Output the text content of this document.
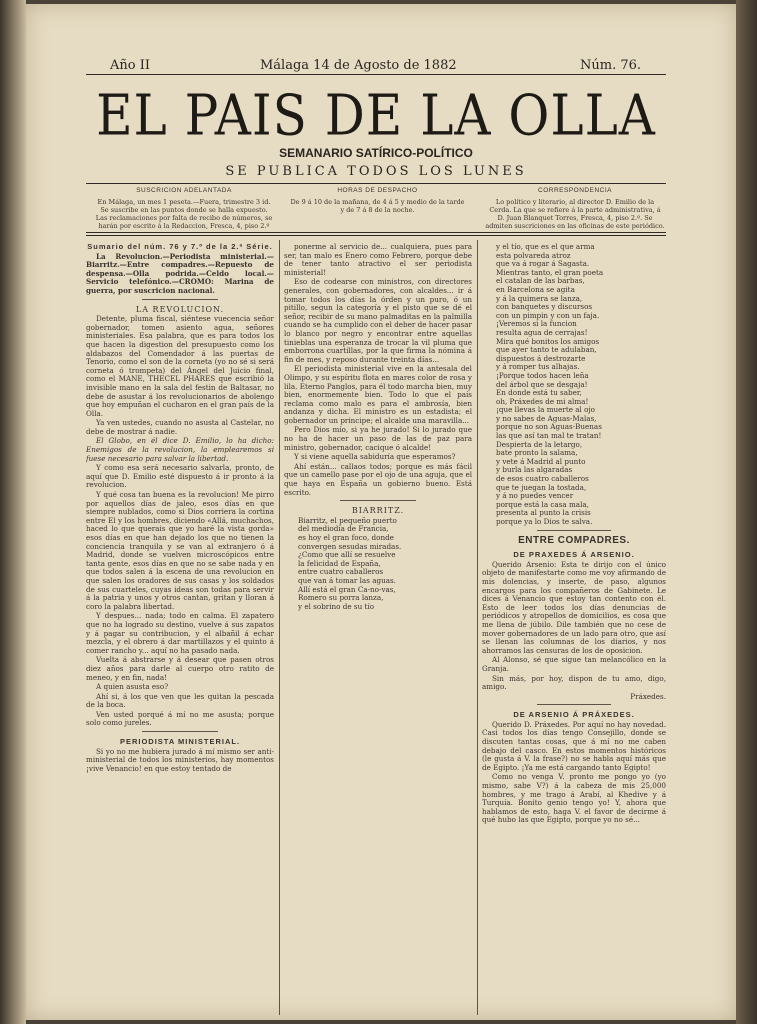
Año II	Málaga 14 de Agosto de 1882	Núm. 76.
EL PAIS DE LA OLLA
SEMANARIO SATÍRICO-POLÍTICO
SE PUBLICA TODOS LOS LUNES
SUSCRICION ADELANTADA
En Málaga, un mes 1 peseta.—Fuera, trimestre 3 id. Se suscribe en las puntos donde se halla expuesto. Las reclamaciones por falta de recibo de números, se harán por escrito á la Redaccion, Fresca, 4, piso 2.º
HORAS DE DESPACHO
De 9 á 10 de la mañana, de 4 á 5 y medio de la tarde y de 7 á 8 de la noche.
CORRESPONDENCIA
Lo político y literario, al director D. Emilio de la Cerda. La que se refiere á la parte administrativa, á D. Juan Blanquet Torres, Fresca, 4, piso 2.º. Se admiten suscriciones en las oficinas de este periódico.

Sumario del núm. 76 y 7.º de la 2.ª Série.

La Revolucion.—Periodista ministerial.—Biarritz.—Entre compadres.—Repuesto de despensa.—Olla podrida.—Celdo local.—Servicio telefónico.—CROMO: Marina de guerra, por suscricion nacional.

LA REVOLUCION.

Detente, pluma fiscal, siéntese vuecencia señor gobernador, tomen asiento agua, señores ministeriales. Esa palabra, que es para todos los que hacen la digestion del presupuesto como los aldabazos del Comendador á las puertas de Tenorio, como el son de la corneta (yo no sé si será corneta ó trompeta) del Ángel del Juicio final, como el MANE, THECEL PHARES que escribió la invisible mano en la sala del festin de Baltasar, no debe de asustar á los revolucionarios de abolengo que hoy empuñan el cucharon en el gran país de la Olla.

Ya ven ustedes, cuando no asusta al Castelar, no debe de mostrar á nadie.

El Globo, en él dice D. Emilio, lo ha dicho: Enemigos de la revolucion, la emplearemos si fuese necesario para salvar la libertad.

Y como esa será necesario salvarla, pronto, de aquí que D. Emilio esté dispuesto á ir pronto á la revolucion.

Y qué cosa tan buena es la revolucion! Me pirro por aquellos días de jaleo, esos días en que siempre nublados, como si Dios corriera la cortina entre El y los hombres, diciendo «Allá, muchachos, haced lo que querais que yo haré la vista gorda» esos días en que han dejado los que no tienen la conciencia tranquila y se van al extranjero ó á Madrid, donde se vuelven microscópicos entre tanta gente, esos días en que no se sabe nada y en que todos salen á la escena de una revolucion en que salen los oradores de sus casas y los soldados de sus cuarteles, cuyas ideas son todas para servir á la patria y unos y otros cantan, gritan y lloran á coro la palabra libertad.

Y despues... nada; todo en calma. El zapatero que no ha logrado su destino, vuelve á sus zapatos y á pagar su contribucion, y el albañil á echar mezcla, y el obrero á dar martillazos y el quinto á comer rancho y... aquí no ha pasado nada.

Vuelta á abstrarse y á desear que pasen otros diez años para darle al cuerpo otro ratito de meneo, y en fin, nada!

A quien asusta eso?

Ahí si, á los que ven que les quitan la pescada de la boca.

Ven usted porqué á mí no me asusta; porque solo como jureles.

PERIODISTA MINISTERIAL.

Si yo no me hubiera jurado á mí mismo ser anti-ministerial de todos los ministerios, hay momentos ¡vive Venancio! en que estoy tentado de

ponerme al servicio de... cualquiera, pues para ser, tan malo es Enero como Febrero, porque debe de tener tanto atractivo el ser periodista ministerial!

Eso de codearse con ministros, con directores generales, con gobernadores, con alcaldes... ir á tomar todos los días la órden y un puro, ó un pitillo, segun la categoría y el pisto que se dé el señor, recibir de su mano palmaditas en la palmilla cuando se ha cumplido con el deber de hacer pasar lo blanco por negro y encontrar entre aquellas tinieblas una esperanza de trocar la vil pluma que emborrona cuartillas, por la que firma la nómina á fin de mes, y reposo durante treinta días...

El periodista ministerial vive en la antesala del Olimpo, y su espíritu flota en mares color de rosa y lila. Eterno Panglos, para él todo marcha bien, muy bien, enormemente bien. Todo lo que el país reclama como malo es para el ambrosía, bien andanza y dicha. El ministro es un estadista; el gobernador un principe; el alcalde una maravilla...

Pero Dios mío, si ya he jurado! Si lo jurado que no ha de hacer un paso de las de paz para ministro, gobernador, cacique ó alcalde!

Y si viene aquella sabiduría que esperamos?

Ahí están... callaos todos; porque es más fácil que un camello pase por el ojo de una aguja, que el que haya en España un gobierno bueno. Está escrito.

BIARRITZ.

Biarritz, el pequeño puerto
del mediodía de Francia,
es hoy el gran foco, donde
convergen sesudas miradas.
¿Como que allí se resuelve
la felicidad de España,
entre cuatro caballeros
que van á tomar las aguas.
Allí está el gran Ca-no-vas,
Romero su porra lanza,
y el sobrino de su tío

y el tío, que es el que arma
esta polvareda atroz
que va á rogar á Sagasta.
Mientras tanto, el gran poeta
el catalan de las barbas,
en Barcelona se agita
y á la quimera se lanza,
con banquetes y discursos
con un pimpin y con un faja.
¡Veremos si la funcion
resulta agua de cerrajas!
Mira qué bonitos los amigos
que ayer tanto te adulaban,
dispuestos á destrozarte
y á romper tus alhajas.
¡Porque todos hacen leña
del árbol que se desgaja!
En donde está tu saber,
oh, Práxedes de mi alma!
¡que llevas la muerte al ojo
y no sabes de Aguas-Malas,
porque no son Aguas-Buenas
las que así tan mal te tratan!
Despierta de la letargo,
bate pronto la salama,
y vete á Madrid al punto
y burla las algaradas
de esos cuatro caballeros
que te juegan la tostada,
y á no puedes vencer
porque está la casa mala,
presenta al punto la crisis
porque ya lo Dios te salva.

ENTRE COMPADRES.

DE PRAXEDES Á ARSENIO.

Querido Arsenio: Esta te dirijo con el único objeto de manifestarte como me voy afirmando de mis dolencias, y inserte, de paso, algunos encargos para los compañeros de Gabinete. Le dices á Venancio que estoy tan contento con él. Esto de leer todos los días denuncias de periódicos y atropellos de domicilios, es cosa que me llena de júbilo. Dile también que no cese de mover gobernadores de un lado para otro, que así se llenan las columnas de los diarios, y nos ahorramos las censuras de los de oposicion.

Al Alonso, sé que sigue tan melancólico en la Granja.

Sin más, por hoy, dispon de tu amo, digo, amigo.

Práxedes.

DE ARSENIO Á PRÁXEDES.

Querido D. Práxedes. Por aquí no hay novedad. Casi todos los días tengo Consejillo, donde se discuten tantas cosas, que á mí no me caben debajo del casco. En estos momentos históricos (le gusta á V. la frase?) no se habla aquí más que de Egipto. ¡Ya me está cargando tanto Egipto!

Como no venga V. pronto me pongo yo (yo mismo, sabe V?) á la cabeza de mis 25,000 hombres, y me trago á Arabí, al Khedive y á Turquía. Bonito genio tengo yo! Y, ahora que hablamos de esto, haga V. el favor de decirme á qué hubo las que Egipto, porque yo no sé...
